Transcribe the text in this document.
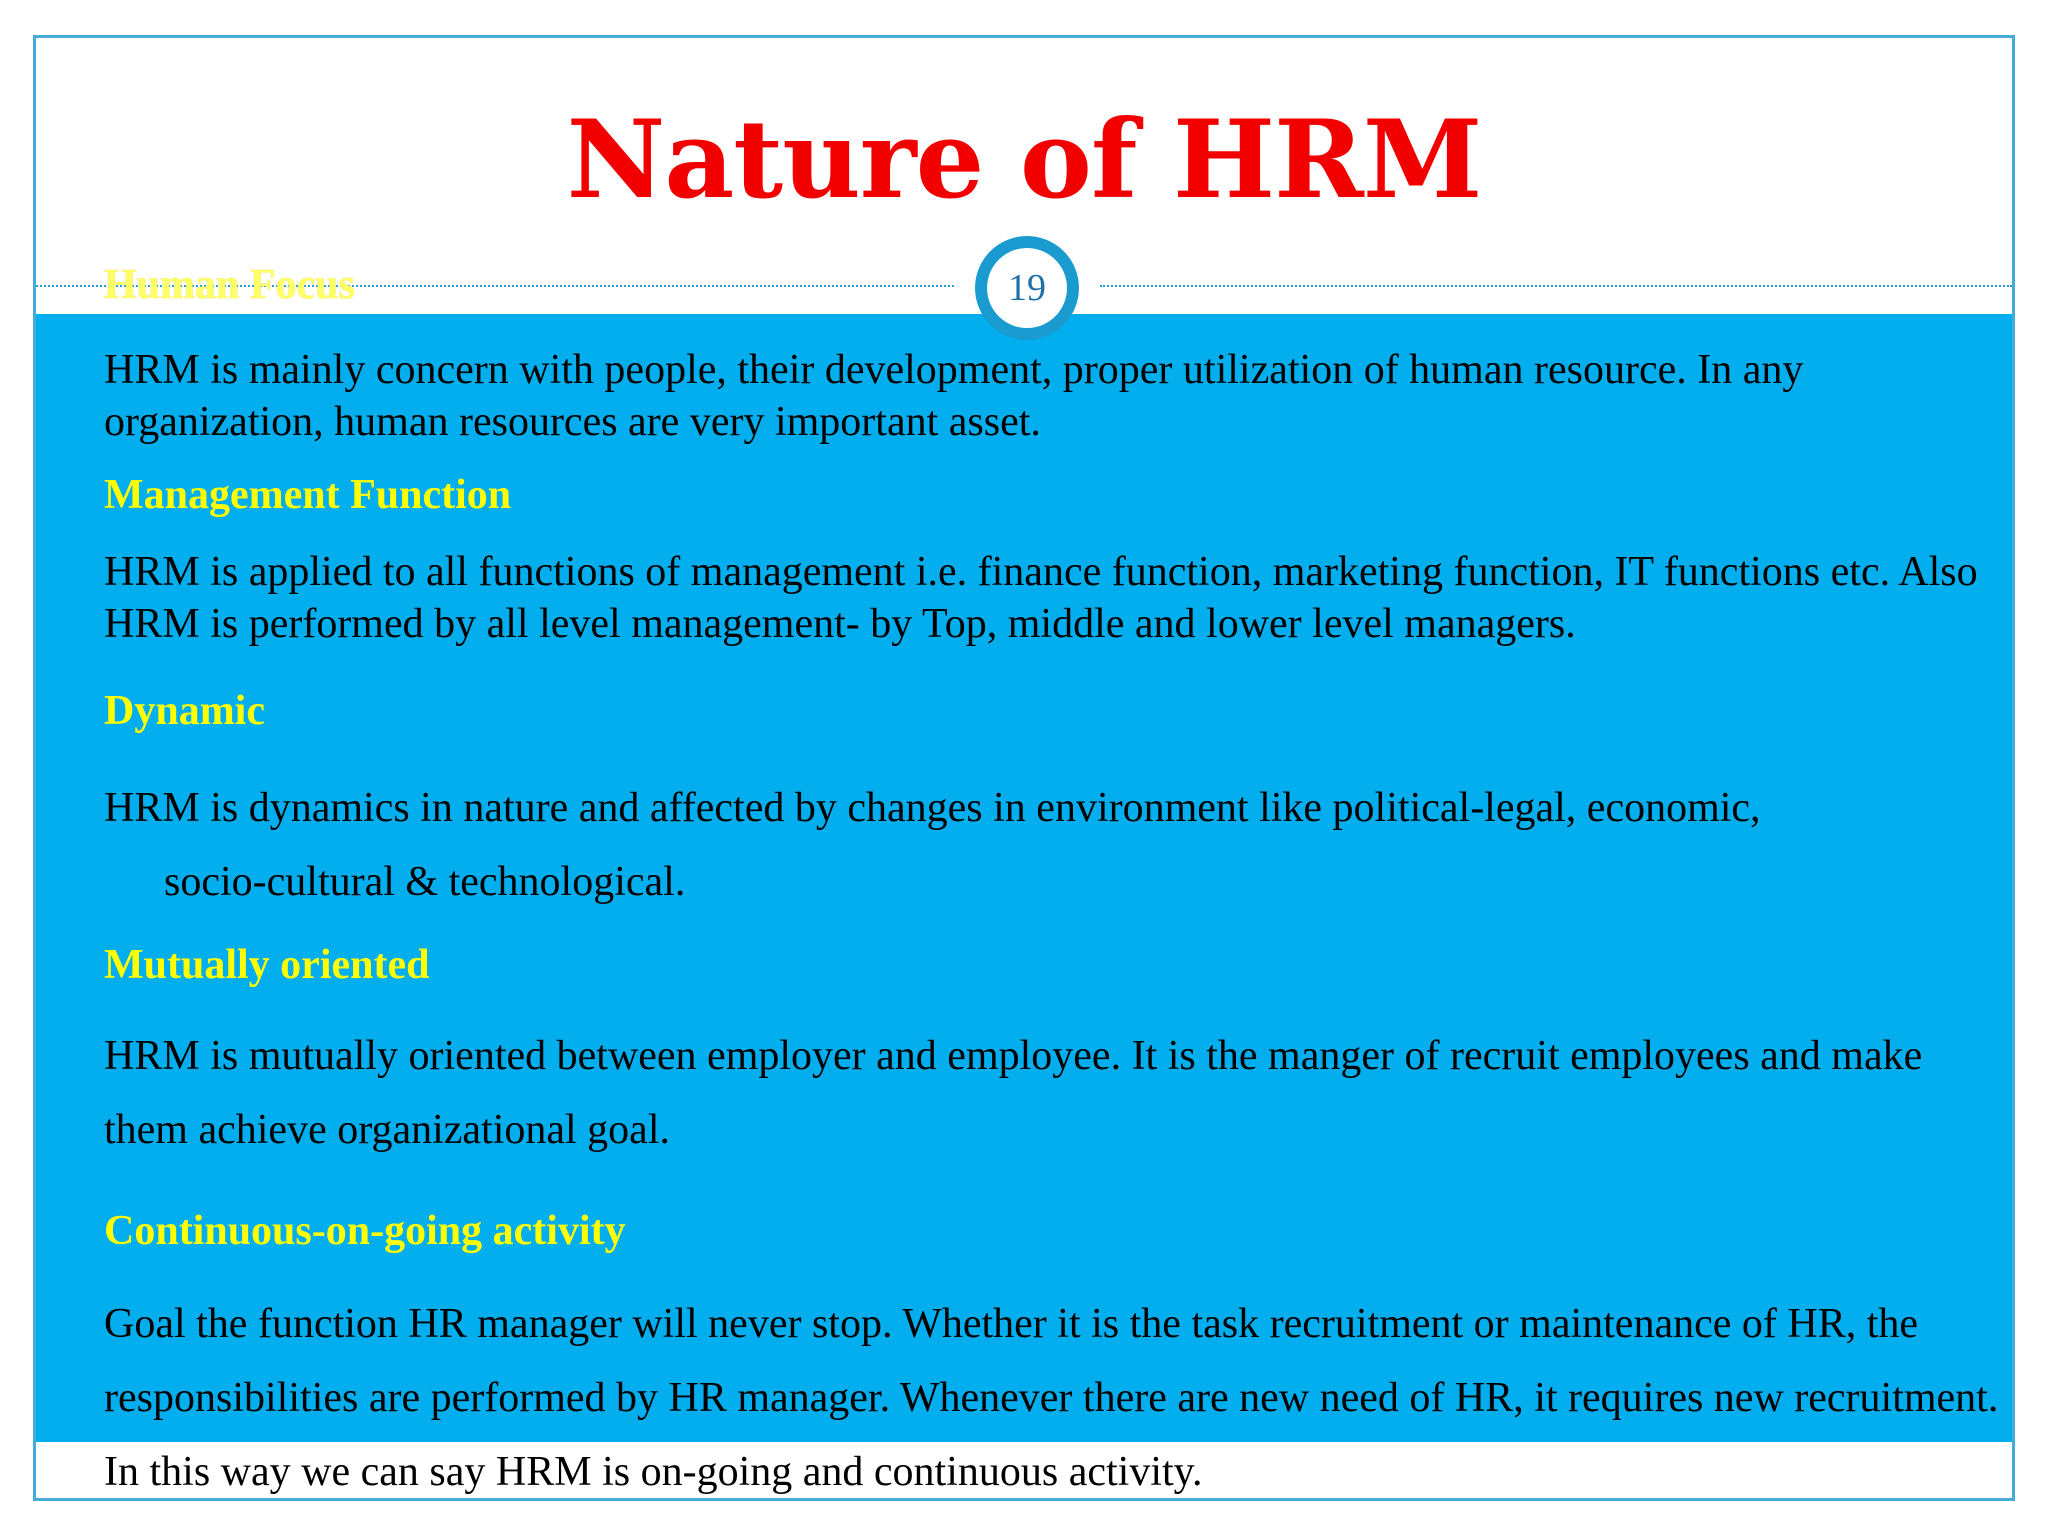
Nature of HRM
19
Human Focus

HRM is mainly concern with people, their development, proper utilization of human resource. In any organization, human resources are very important asset.

Management Function

HRM is applied to all functions of management i.e. finance function, marketing function, IT functions etc. Also HRM is performed by all level management- by Top, middle and lower level managers.

Dynamic

HRM is dynamics in nature and affected by changes in environment like political-legal, economic,
socio-cultural & technological.

Mutually oriented

HRM is mutually oriented between employer and employee. It is the manger of recruit employees and make them achieve organizational goal.

Continuous-on-going activity

Goal the function HR manager will never stop. Whether it is the task recruitment or maintenance of HR, the responsibilities are performed by HR manager. Whenever there are new need of HR, it requires new recruitment. In this way we can say HRM is on-going and continuous activity.
